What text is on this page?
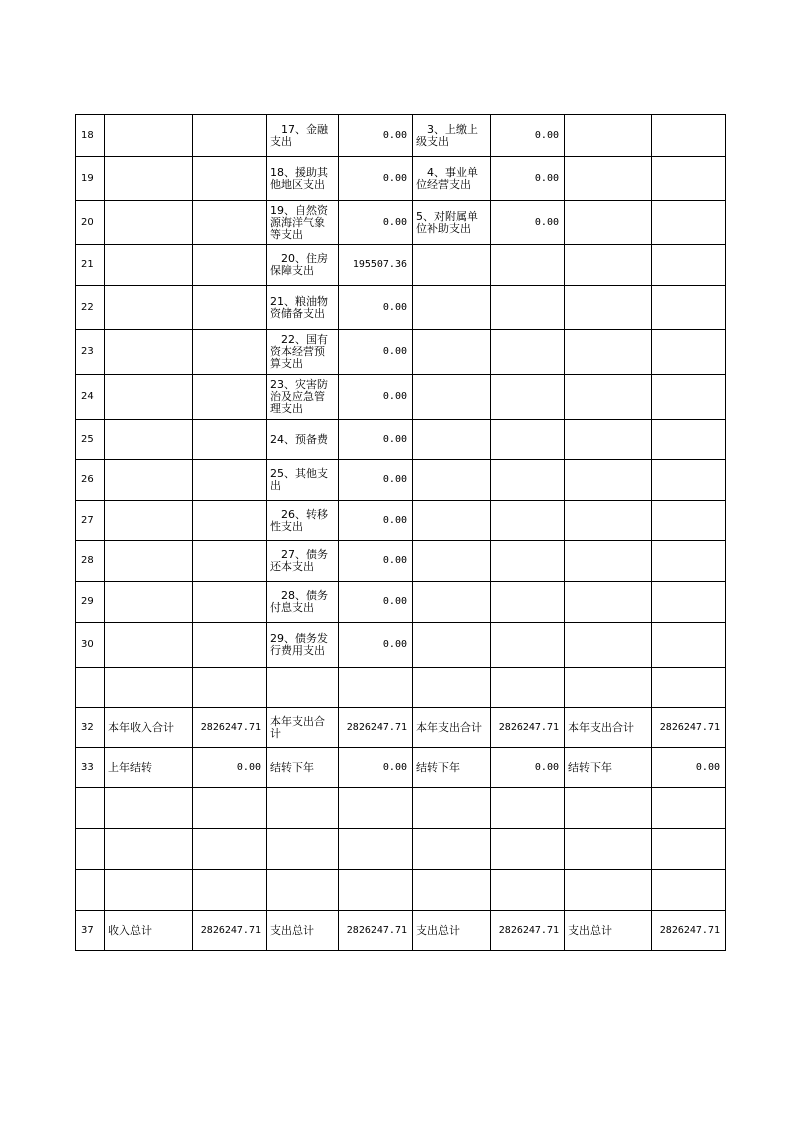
18			　17、金融支出	0.00	　3、上缴上级支出	0.00		
19			18、援助其他地区支出	0.00	　4、事业单位经营支出	0.00		
20			19、自然资源海洋气象等支出	0.00	5、对附属单位补助支出	0.00		
21			　20、住房保障支出	195507.36				
22			21、粮油物资储备支出	0.00				
23			　22、国有资本经营预算支出	0.00				
24			23、灾害防治及应急管理支出	0.00				
25			24、预备费	0.00				
26			25、其他支出	0.00				
27			　26、转移性支出	0.00				
28			　27、债务还本支出	0.00				
29			　28、债务付息支出	0.00				
30			29、债务发行费用支出	0.00				

32	本年收入合计	2826247.71	本年支出合计	2826247.71	本年支出合计	2826247.71	本年支出合计	2826247.71
33	上年结转	0.00	结转下年	0.00	结转下年	0.00	结转下年	0.00

37	收入总计	2826247.71	支出总计	2826247.71	支出总计	2826247.71	支出总计	2826247.71
